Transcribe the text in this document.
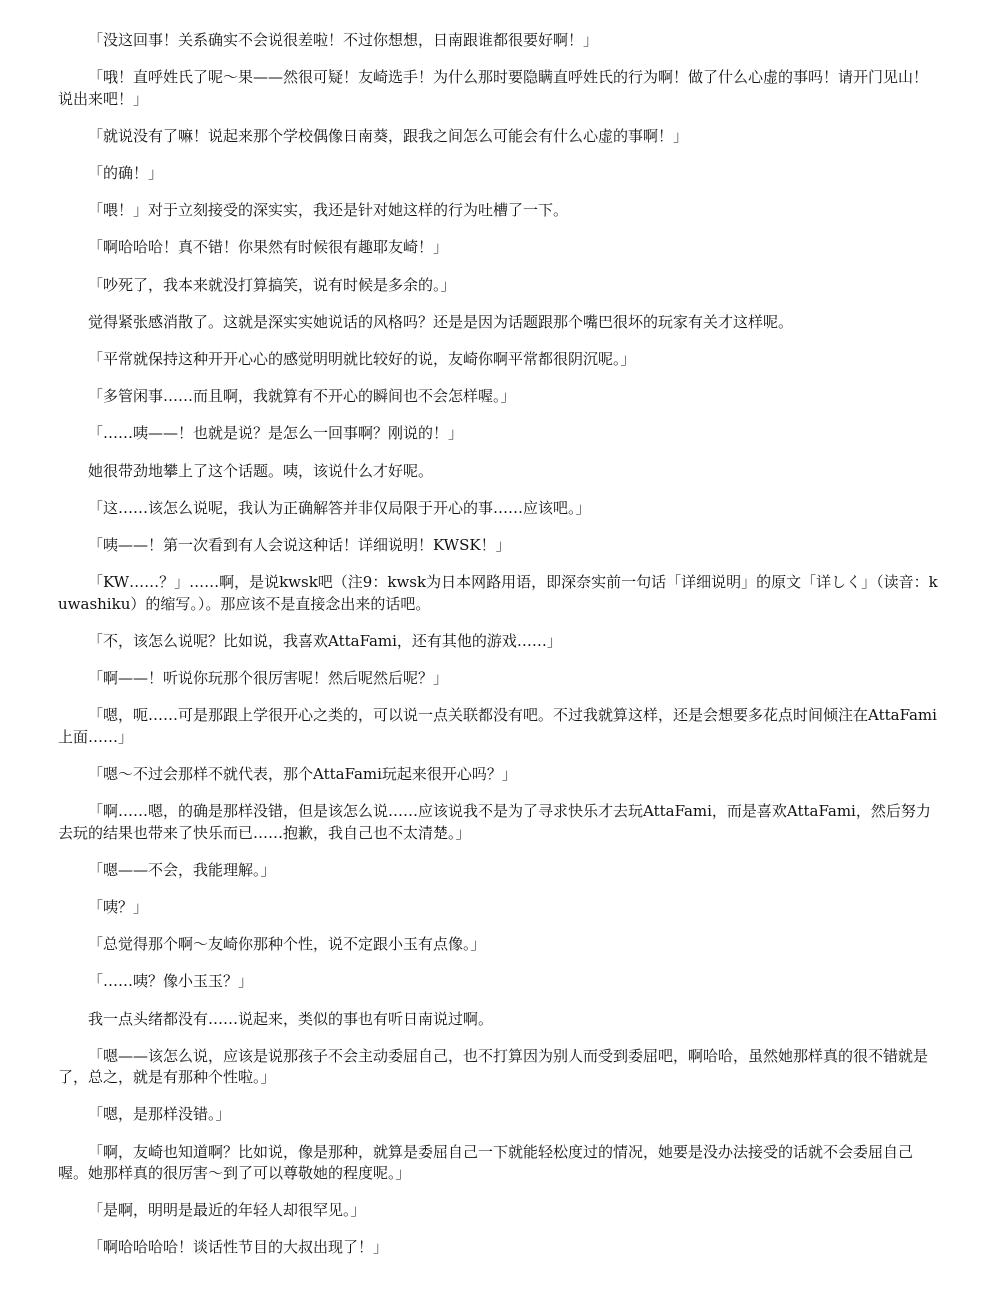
「没这回事！关系确实不会说很差啦！不过你想想，日南跟谁都很要好啊！」

「哦！直呼姓氏了呢～果——然很可疑！友崎选手！为什么那时要隐瞒直呼姓氏的行为啊！做了什么心虚的事吗！请开门见山！说出来吧！」

「就说没有了嘛！说起来那个学校偶像日南葵，跟我之间怎么可能会有什么心虚的事啊！」

「的确！」

「喂！」对于立刻接受的深实实，我还是针对她这样的行为吐槽了一下。

「啊哈哈哈！真不错！你果然有时候很有趣耶友崎！」

「吵死了，我本来就没打算搞笑，说有时候是多余的。」

觉得紧张感消散了。这就是深实实她说话的风格吗？还是是因为话题跟那个嘴巴很坏的玩家有关才这样呢。

「平常就保持这种开开心心的感觉明明就比较好的说，友崎你啊平常都很阴沉呢。」

「多管闲事……而且啊，我就算有不开心的瞬间也不会怎样喔。」

「……咦——！也就是说？是怎么一回事啊？刚说的！」

她很带劲地攀上了这个话题。咦，该说什么才好呢。

「这……该怎么说呢，我认为正确解答并非仅局限于开心的事……应该吧。」

「咦——！第一次看到有人会说这种话！详细说明！KWSK！」

「KW……？」……啊，是说kwsk吧（注9：kwsk为日本网路用语，即深奈实前一句话「详细说明」的原文「详しく」（读音：kuwashiku）的缩写。）。那应该不是直接念出来的话吧。

「不，该怎么说呢？比如说，我喜欢AttaFami，还有其他的游戏……」

「啊——！听说你玩那个很厉害呢！然后呢然后呢？」

「嗯，呃……可是那跟上学很开心之类的，可以说一点关联都没有吧。不过我就算这样，还是会想要多花点时间倾注在AttaFami上面……」

「嗯～不过会那样不就代表，那个AttaFami玩起来很开心吗？」

「啊……嗯，的确是那样没错，但是该怎么说……应该说我不是为了寻求快乐才去玩AttaFami，而是喜欢AttaFami，然后努力去玩的结果也带来了快乐而已……抱歉，我自己也不太清楚。」

「嗯——不会，我能理解。」

「咦？」

「总觉得那个啊～友崎你那种个性，说不定跟小玉有点像。」

「……咦？像小玉玉？」

我一点头绪都没有……说起来，类似的事也有听日南说过啊。

「嗯——该怎么说，应该是说那孩子不会主动委屈自己，也不打算因为别人而受到委屈吧，啊哈哈，虽然她那样真的很不错就是了，总之，就是有那种个性啦。」

「嗯，是那样没错。」

「啊，友崎也知道啊？比如说，像是那种，就算是委屈自己一下就能轻松度过的情况，她要是没办法接受的话就不会委屈自己喔。她那样真的很厉害～到了可以尊敬她的程度呢。」

「是啊，明明是最近的年轻人却很罕见。」

「啊哈哈哈哈！谈话性节目的大叔出现了！」
